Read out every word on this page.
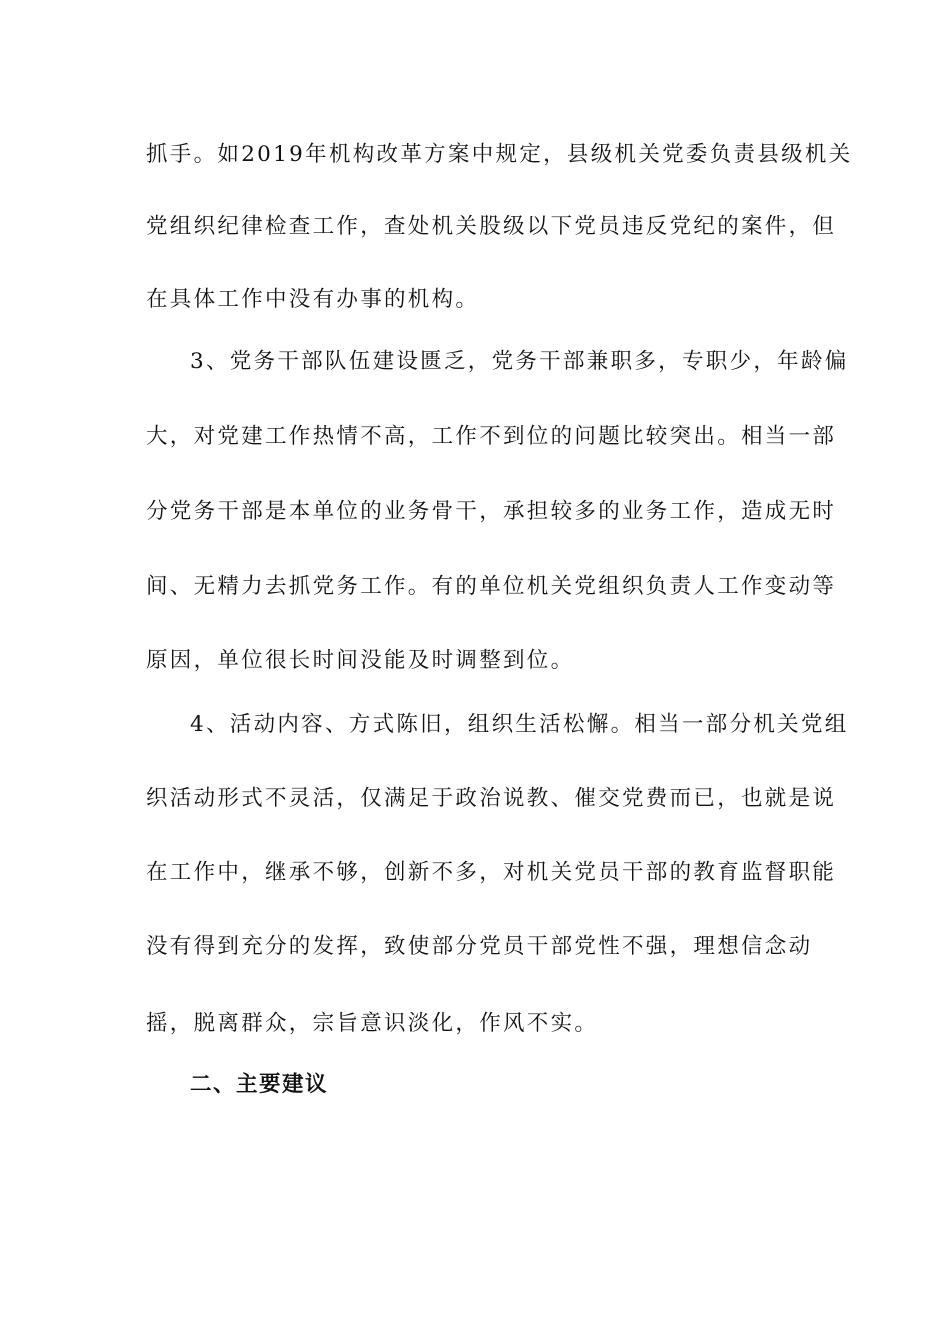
抓手。如2019年机构改革方案中规定，县级机关党委负责县级机关
党组织纪律检查工作，查处机关股级以下党员违反党纪的案件，但
在具体工作中没有办事的机构。
3、党务干部队伍建设匮乏，党务干部兼职多，专职少，年龄偏
大，对党建工作热情不高，工作不到位的问题比较突出。相当一部
分党务干部是本单位的业务骨干，承担较多的业务工作，造成无时
间、无精力去抓党务工作。有的单位机关党组织负责人工作变动等
原因，单位很长时间没能及时调整到位。
4、活动内容、方式陈旧，组织生活松懈。相当一部分机关党组
织活动形式不灵活，仅满足于政治说教、催交党费而已，也就是说
在工作中，继承不够，创新不多，对机关党员干部的教育监督职能
没有得到充分的发挥，致使部分党员干部党性不强，理想信念动
摇，脱离群众，宗旨意识淡化，作风不实。
二、主要建议
